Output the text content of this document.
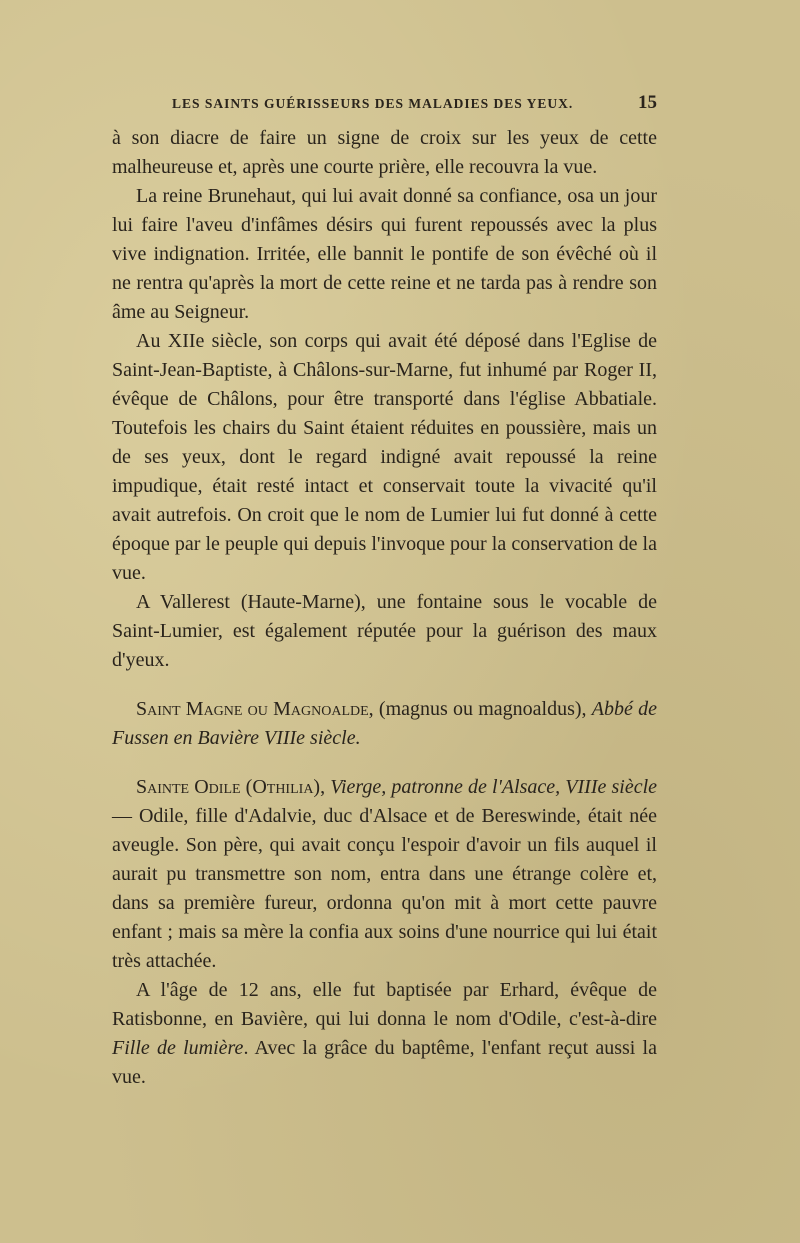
LES SAINTS GUÉRISSEURS DES MALADIES DES YEUX.	15

à son diacre de faire un signe de croix sur les yeux de cette malheureuse et, après une courte prière, elle recouvra la vue.

La reine Brunehaut, qui lui avait donné sa confiance, osa un jour lui faire l'aveu d'infâmes désirs qui furent repoussés avec la plus vive indignation. Irritée, elle bannit le pontife de son évêché où il ne rentra qu'après la mort de cette reine et ne tarda pas à rendre son âme au Seigneur.

Au XIIe siècle, son corps qui avait été déposé dans l'Eglise de Saint-Jean-Baptiste, à Châlons-sur-Marne, fut inhumé par Roger II, évêque de Châlons, pour être transporté dans l'église Abbatiale. Toutefois les chairs du Saint étaient réduites en poussière, mais un de ses yeux, dont le regard indigné avait repoussé la reine impudique, était resté intact et conservait toute la vivacité qu'il avait autrefois. On croit que le nom de Lumier lui fut donné à cette époque par le peuple qui depuis l'invoque pour la conservation de la vue.

A Vallerest (Haute-Marne), une fontaine sous le vocable de Saint-Lumier, est également réputée pour la guérison des maux d'yeux.

Saint Magne ou Magnoalde, (magnus ou magnoaldus), Abbé de Fussen en Bavière VIIIe siècle.

Sainte Odile (Othilia), Vierge, patronne de l'Alsace, VIIIe siècle — Odile, fille d'Adalvie, duc d'Alsace et de Bereswinde, était née aveugle. Son père, qui avait conçu l'espoir d'avoir un fils auquel il aurait pu transmettre son nom, entra dans une étrange colère et, dans sa première fureur, ordonna qu'on mit à mort cette pauvre enfant ; mais sa mère la confia aux soins d'une nourrice qui lui était très attachée.

A l'âge de 12 ans, elle fut baptisée par Erhard, évêque de Ratisbonne, en Bavière, qui lui donna le nom d'Odile, c'est-à-dire Fille de lumière. Avec la grâce du baptême, l'enfant reçut aussi la vue.
